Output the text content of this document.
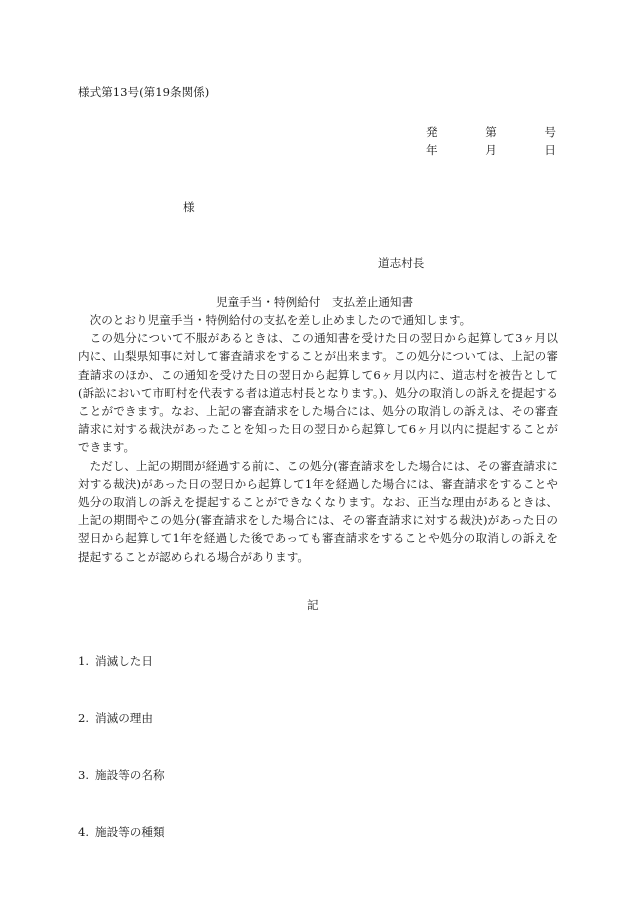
様式第13号(第19条関係)
発	第	号
年	月	日
様
道志村長
児童手当・特例給付　支払差止通知書

次のとおり児童手当・特例給付の支払を差し止めましたので通知します。

この処分について不服があるときは、この通知書を受けた日の翌日から起算して3ヶ月以内に、山梨県知事に対して審査請求をすることが出来ます。この処分については、上記の審査請求のほか、この通知を受けた日の翌日から起算して6ヶ月以内に、道志村を被告として(訴訟において市町村を代表する者は道志村長となります。)、処分の取消しの訴えを提起することができます。なお、上記の審査請求をした場合には、処分の取消しの訴えは、その審査請求に対する裁決があったことを知った日の翌日から起算して6ヶ月以内に提起することができます。

ただし、上記の期間が経過する前に、この処分(審査請求をした場合には、その審査請求に対する裁決)があった日の翌日から起算して1年を経過した場合には、審査請求をすることや処分の取消しの訴えを提起することができなくなります。なお、正当な理由があるときは、上記の期間やこの処分(審査請求をした場合には、その審査請求に対する裁決)があった日の翌日から起算して1年を経過した後であっても審査請求をすることや処分の取消しの訴えを提起することが認められる場合があります。

記
1. 消滅した日
2. 消滅の理由
3. 施設等の名称
4. 施設等の種類
